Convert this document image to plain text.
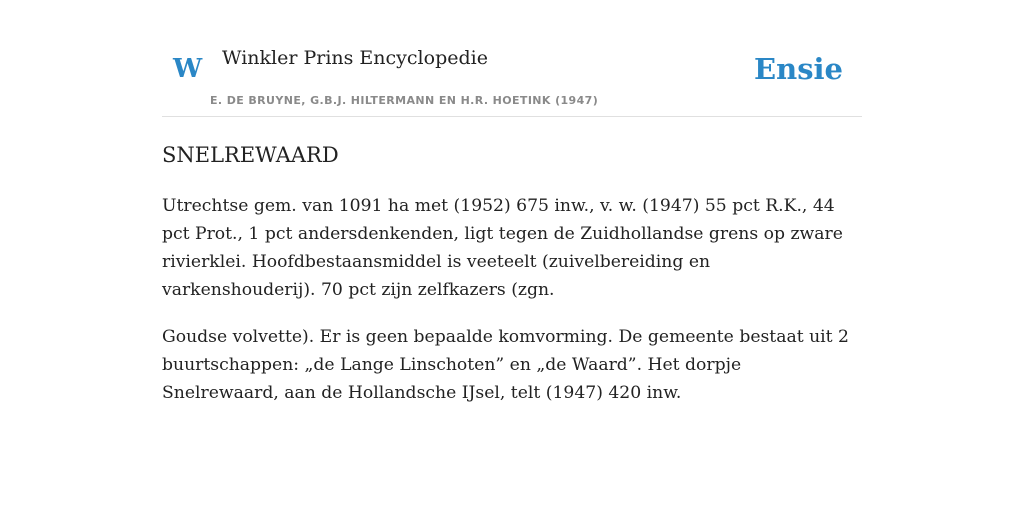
W Winkler Prins Encyclopedie
E. DE BRUYNE, G.B.J. HILTERMANN EN H.R. HOETINK (1947)
Ensie
SNELREWAARD

Utrechtse gem. van 1091 ha met (1952) 675 inw., v. w. (1947) 55 pct R.K., 44 pct Prot., 1 pct andersdenkenden, ligt tegen de Zuidhollandse grens op zware rivierklei. Hoofdbestaansmiddel is veeteelt (zuivelbereiding en varkenshouderij). 70 pct zijn zelfkazers (zgn.

Goudse volvette). Er is geen bepaalde komvorming. De gemeente bestaat uit 2 buurtschappen: „de Lange Linschoten” en „de Waard”. Het dorpje Snelrewaard, aan de Hollandsche IJsel, telt (1947) 420 inw.
